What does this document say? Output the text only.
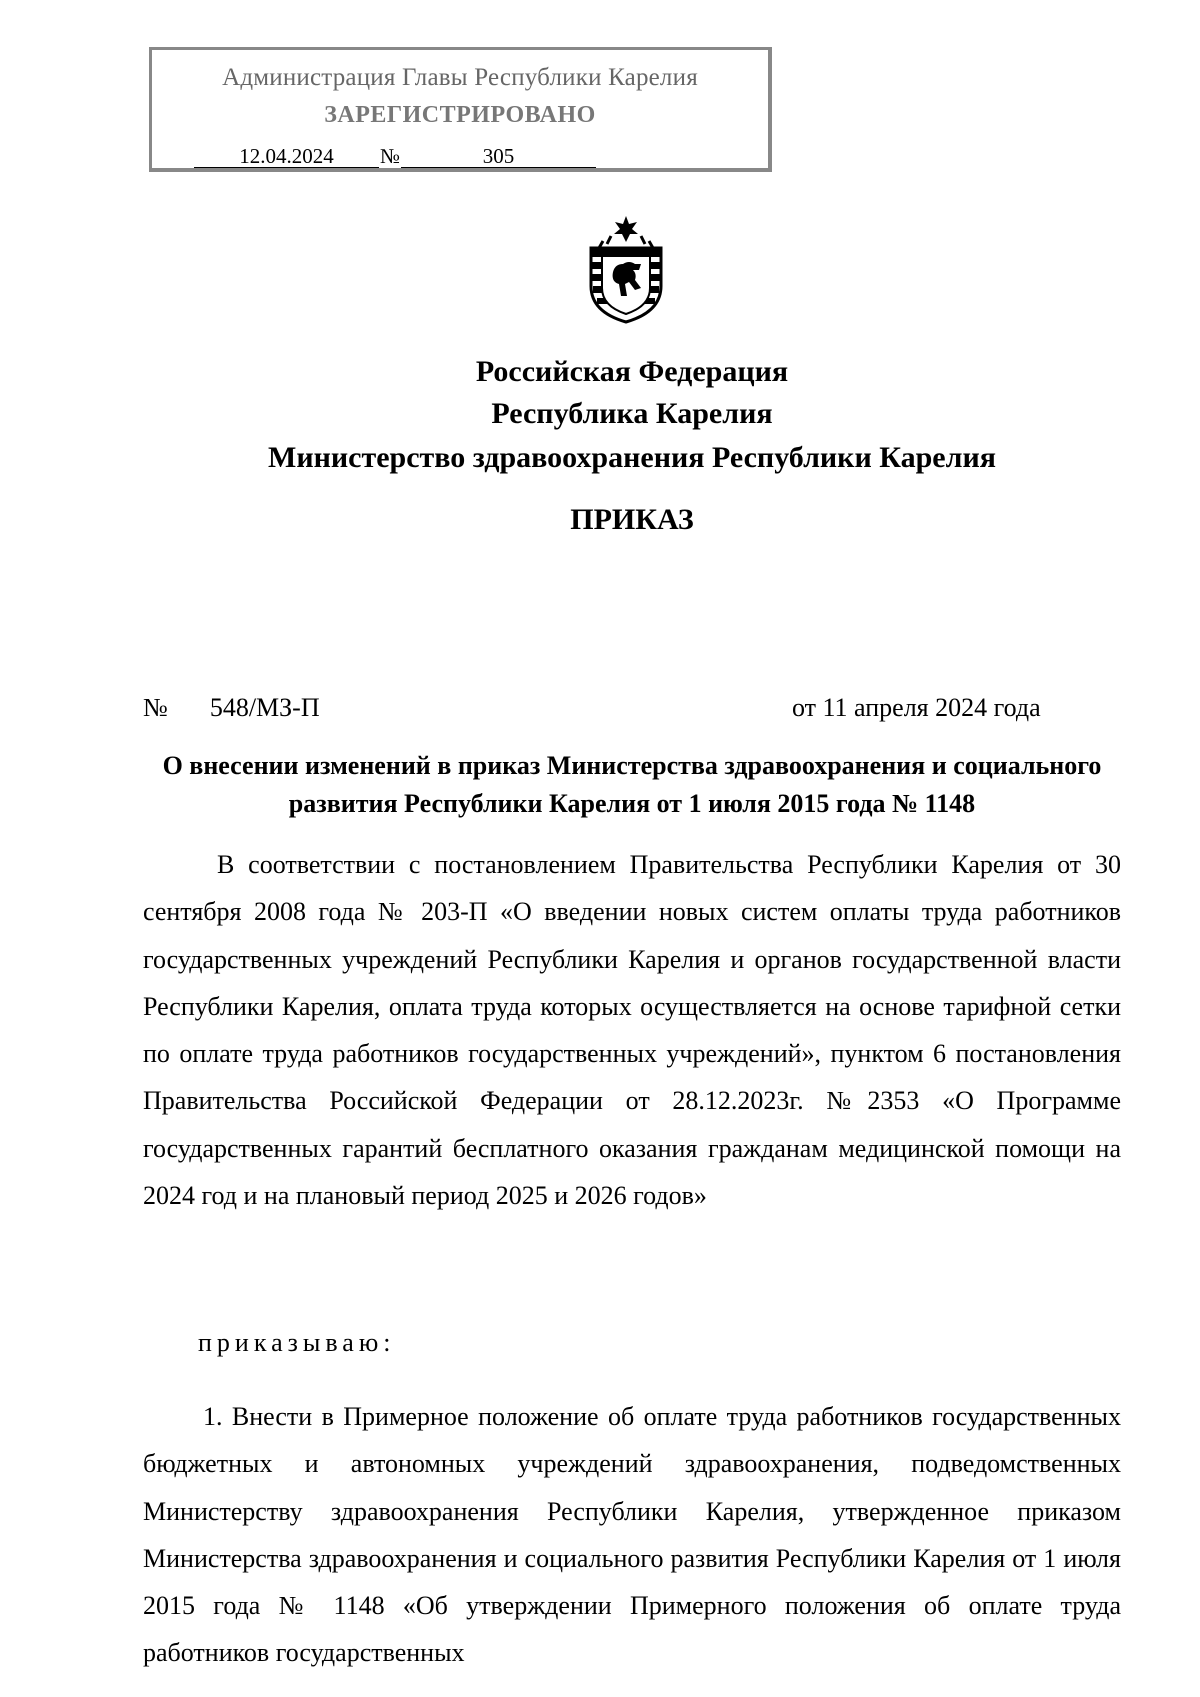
Администрация Главы Республики Карелия
ЗАРЕГИСТРИРОВАНО
12.04.2024 №	305
Российская Федерация
Республика Карелия
Министерство здравоохранения Республики Карелия
ПРИКАЗ
№ 548/МЗ-П	от 11 апреля 2024 года
О внесении изменений в приказ Министерства здравоохранения и социального развития Республики Карелия от 1 июля 2015 года № 1148
В соответствии с постановлением Правительства Республики Карелия от 30 сентября 2008 года № 203-П «О введении новых систем оплаты труда работников государственных учреждений Республики Карелия и органов государственной власти Республики Карелия, оплата труда которых осуществляется на основе тарифной сетки по оплате труда работников государственных учреждений», пунктом 6 постановления Правительства Российской Федерации от 28.12.2023г. №2353 «О Программе государственных гарантий бесплатного оказания гражданам медицинской помощи на 2024 год и на плановый период 2025 и 2026 годов»
приказываю:
1. Внести в Примерное положение об оплате труда работников государственных бюджетных и автономных учреждений здравоохранения, подведомственных Министерству здравоохранения Республики Карелия, утвержденное приказом Министерства здравоохранения и социального развития Республики Карелия от 1 июля 2015 года № 1148 «Об утверждении Примерного положения об оплате труда работников государственных
